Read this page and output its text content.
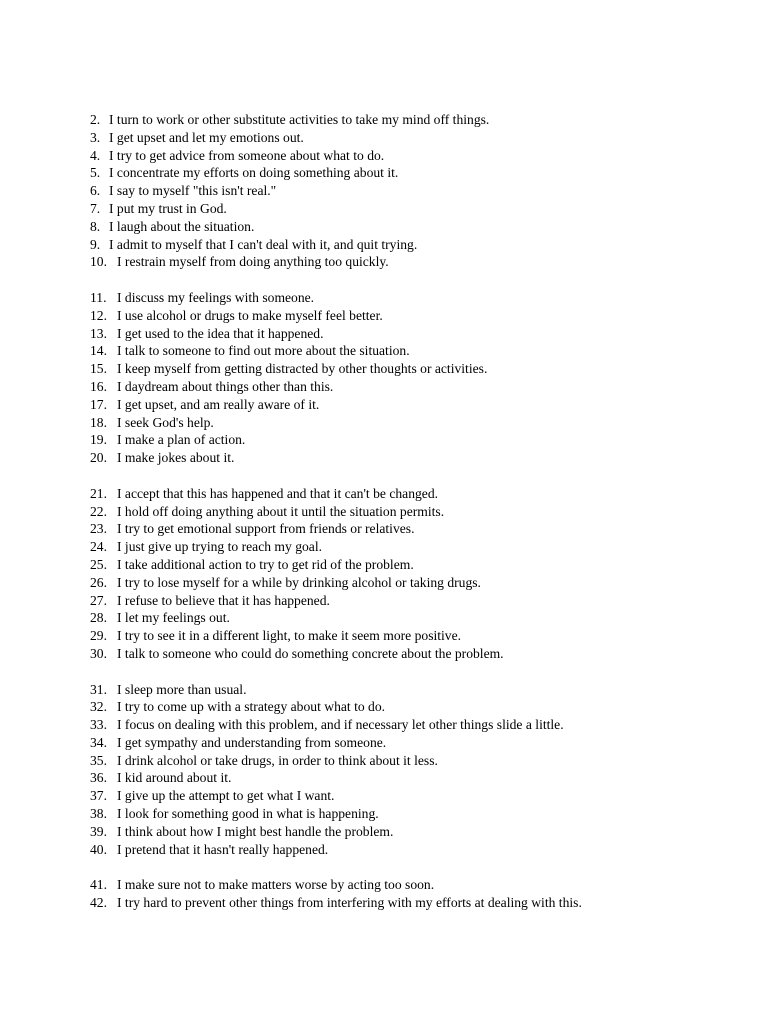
2. I turn to work or other substitute activities to take my mind off things.
3. I get upset and let my emotions out.
4. I try to get advice from someone about what to do.
5. I concentrate my efforts on doing something about it.
6. I say to myself "this isn't real."
7. I put my trust in God.
8. I laugh about the situation.
9. I admit to myself that I can't deal with it, and quit trying.
10. I restrain myself from doing anything too quickly.
11. I discuss my feelings with someone.
12. I use alcohol or drugs to make myself feel better.
13. I get used to the idea that it happened.
14. I talk to someone to find out more about the situation.
15. I keep myself from getting distracted by other thoughts or activities.
16. I daydream about things other than this.
17. I get upset, and am really aware of it.
18. I seek God's help.
19. I make a plan of action.
20. I make jokes about it.
21. I accept that this has happened and that it can't be changed.
22. I hold off doing anything about it until the situation permits.
23. I try to get emotional support from friends or relatives.
24. I just give up trying to reach my goal.
25. I take additional action to try to get rid of the problem.
26. I try to lose myself for a while by drinking alcohol or taking drugs.
27. I refuse to believe that it has happened.
28. I let my feelings out.
29. I try to see it in a different light, to make it seem more positive.
30. I talk to someone who could do something concrete about the problem.
31. I sleep more than usual.
32. I try to come up with a strategy about what to do.
33. I focus on dealing with this problem, and if necessary let other things slide a little.
34. I get sympathy and understanding from someone.
35. I drink alcohol or take drugs, in order to think about it less.
36. I kid around about it.
37. I give up the attempt to get what I want.
38. I look for something good in what is happening.
39. I think about how I might best handle the problem.
40. I pretend that it hasn't really happened.
41. I make sure not to make matters worse by acting too soon.
42. I try hard to prevent other things from interfering with my efforts at dealing with this.
